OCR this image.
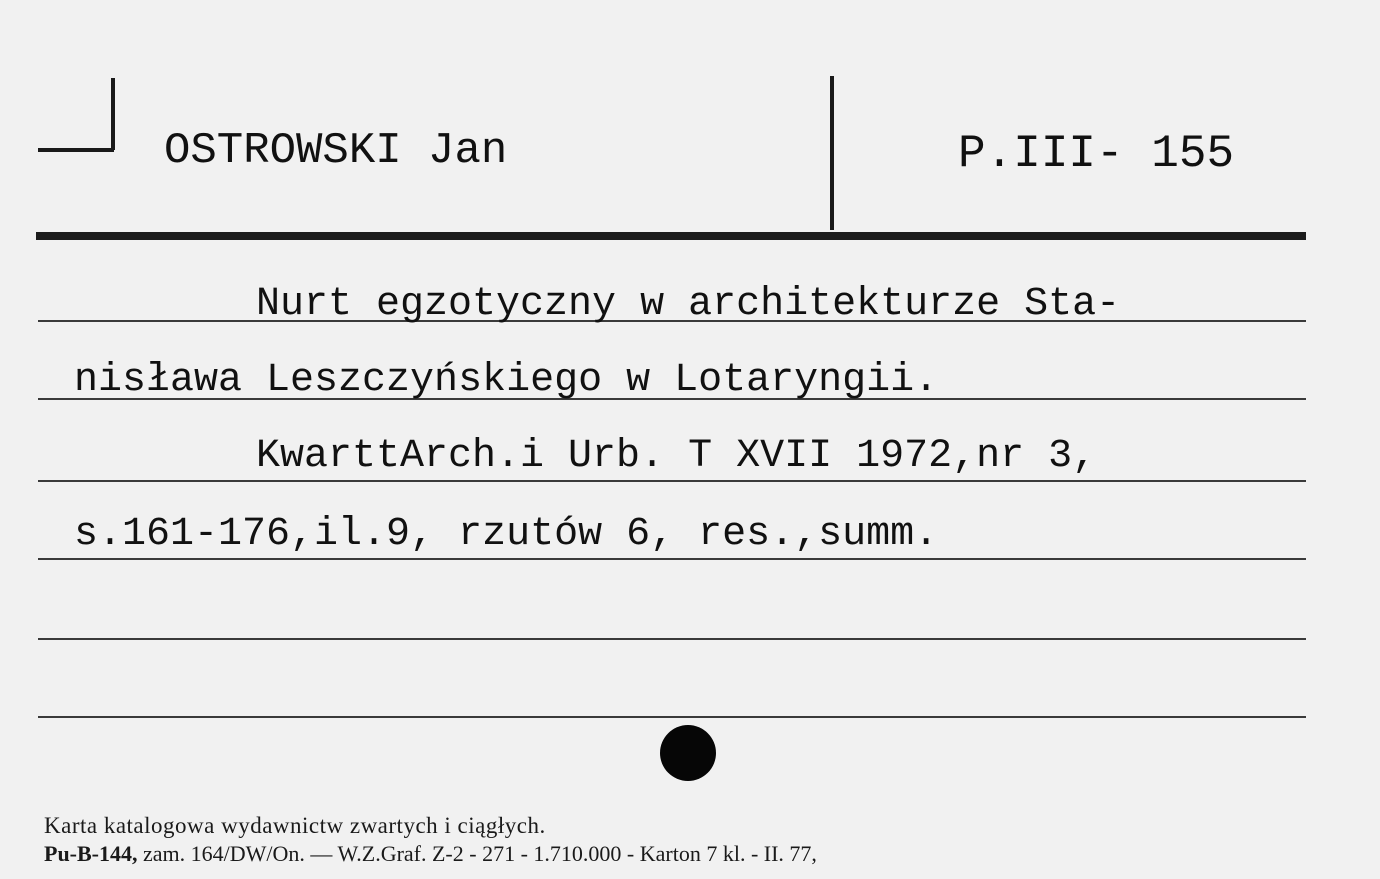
OSTROWSKI Jan	P.III- 155
Nurt egzotyczny w architekturze Sta-
nisława Leszczyńskiego w Lotaryngii.
KwarttArch.i Urb. T XVII 1972,nr 3,
s.161-176,il.9, rzutów 6, res.,summ.
Karta katalogowa wydawnictw zwartych i ciągłych.
Pu-B-144, zam. 164/DW/On. — W.Z.Graf. Z-2 - 271 - 1.710.000 - Karton 7 kl. - II. 77,
